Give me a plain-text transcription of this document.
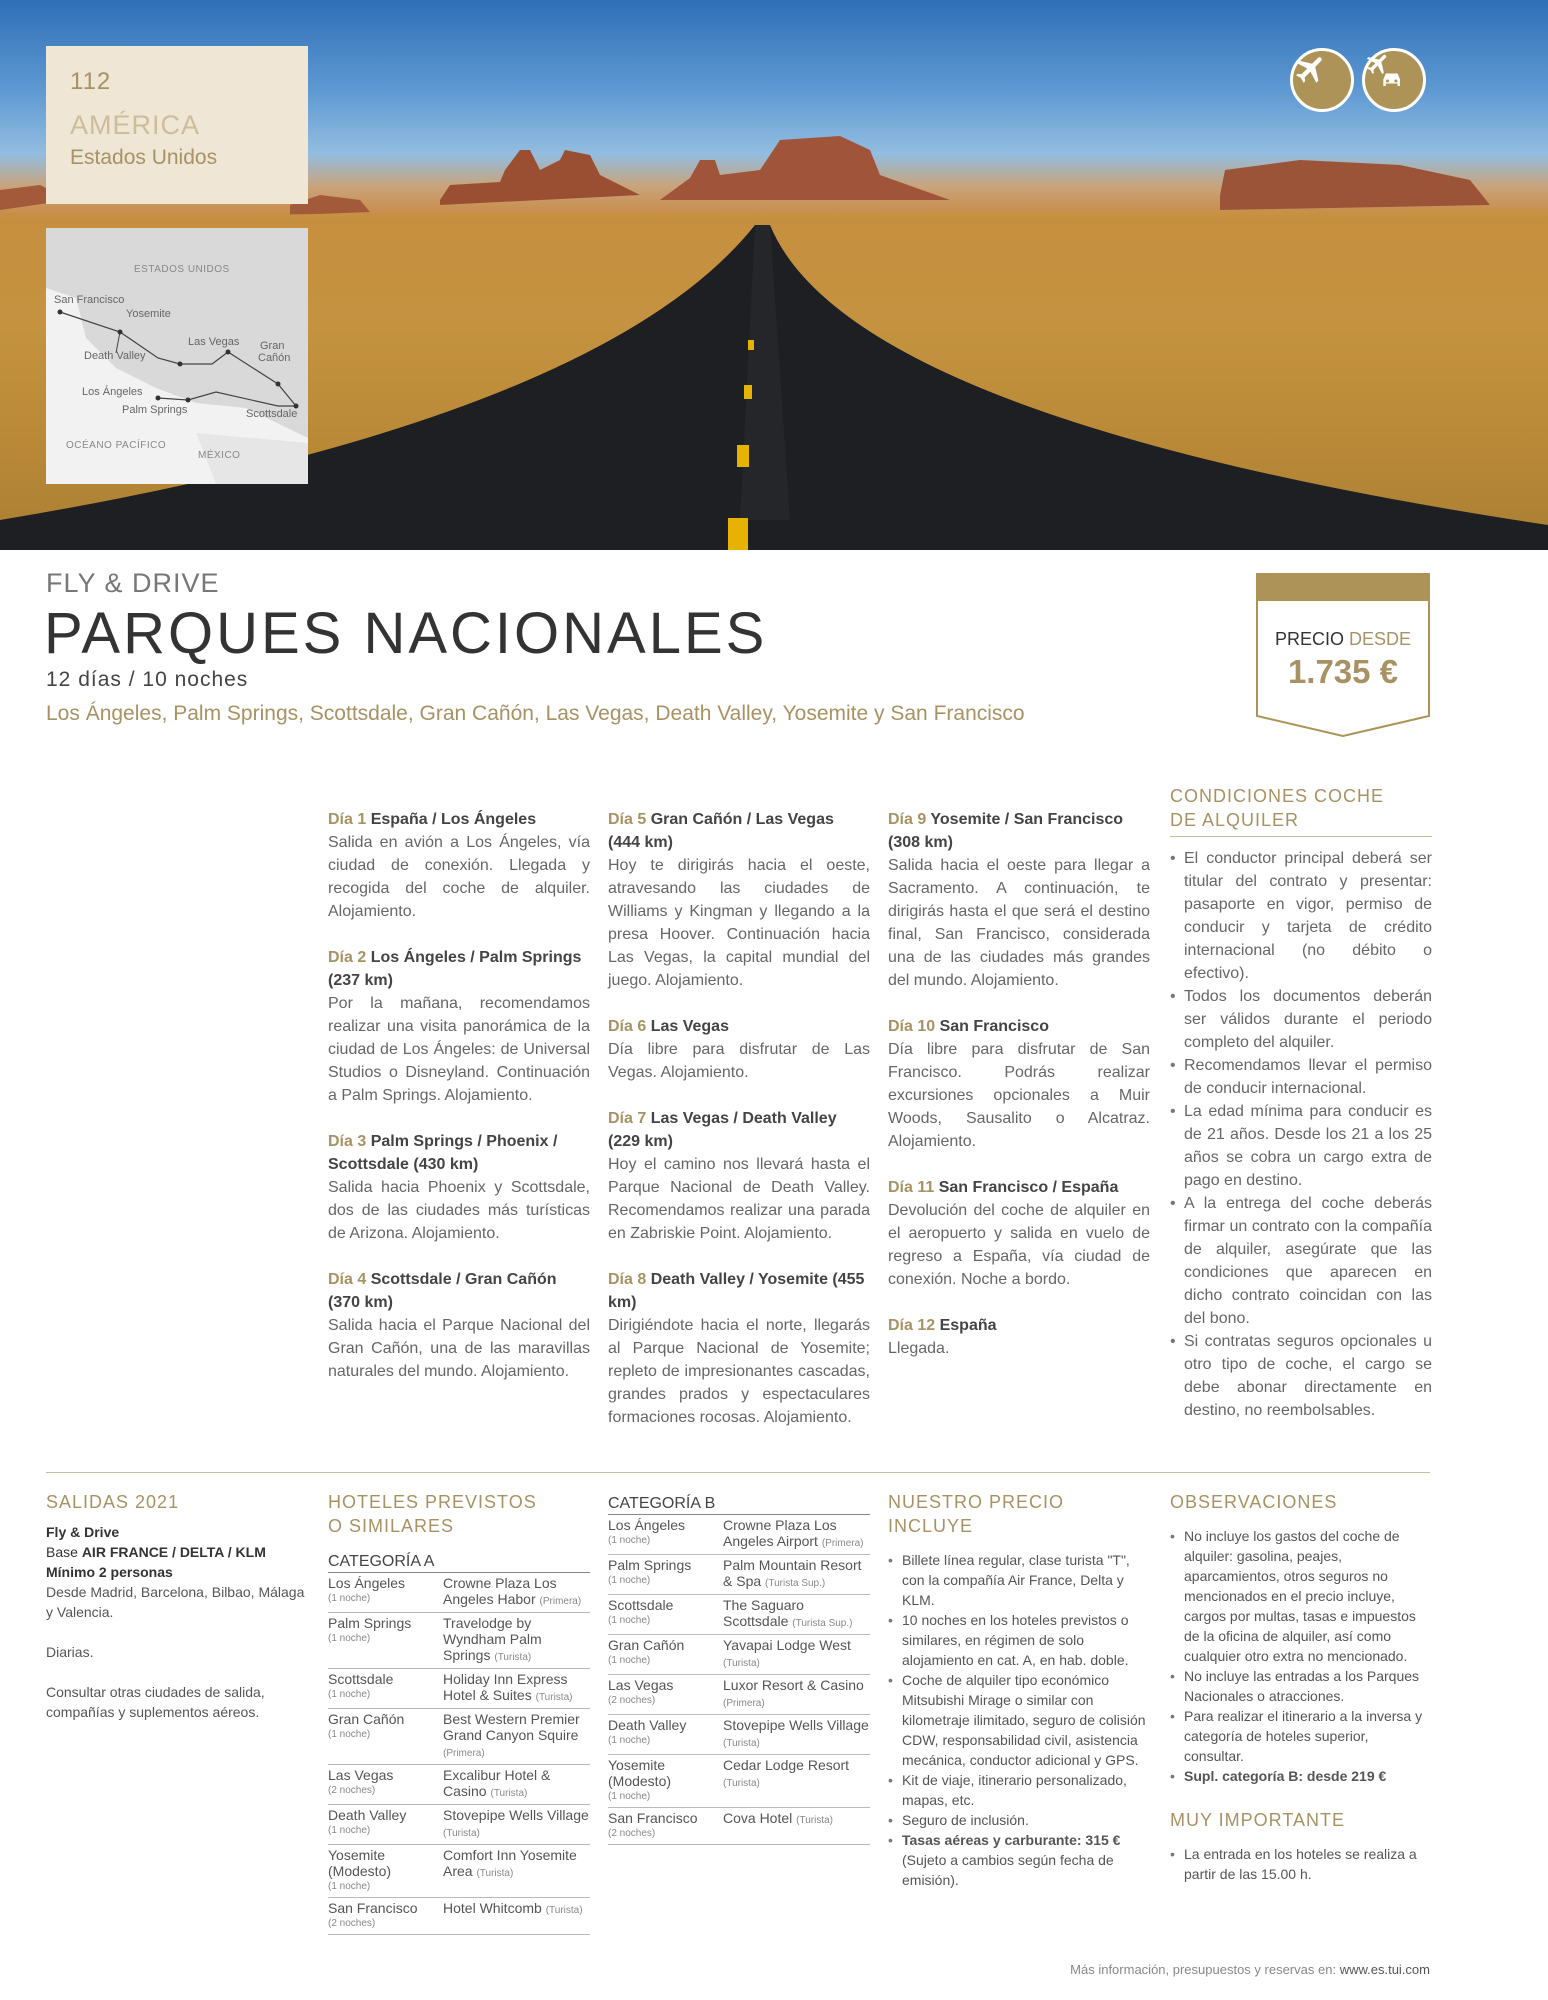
112
AMÉRICA
Estados Unidos
ESTADOS UNIDOS
San Francisco
Yosemite
Death Valley
Las Vegas Gran
Cañón
Los Ángeles
Palm Springs	Scottsdale
OCÉANO PACÍFICO
MÉXICO
FLY & DRIVE
PARQUES NACIONALES
12 días / 10 noches
Los Ángeles, Palm Springs, Scottsdale, Gran Cañón, Las Vegas, Death Valley, Yosemite y San Francisco
PRECIO DESDE
1.735 €
Día 1 España / Los Ángeles
Salida en avión a Los Ángeles, vía ciudad de conexión. Llegada y recogida del coche de alquiler. Alojamiento.
Día 2 Los Ángeles / Palm Springs (237 km)
Por la mañana, recomendamos realizar una visita panorámica de la ciudad de Los Ángeles: de Universal Studios o Disneyland. Continuación a Palm Springs. Alojamiento.
Día 3 Palm Springs / Phoenix / Scottsdale (430 km)
Salida hacia Phoenix y Scottsdale, dos de las ciudades más turísticas de Arizona. Alojamiento.
Día 4 Scottsdale / Gran Cañón (370 km)
Salida hacia el Parque Nacional del Gran Cañón, una de las maravillas naturales del mundo. Alojamiento.
Día 5 Gran Cañón / Las Vegas (444 km)
Hoy te dirigirás hacia el oeste, atravesando las ciudades de Williams y Kingman y llegando a la presa Hoover. Continuación hacia Las Vegas, la capital mundial del juego. Alojamiento.
Día 6 Las Vegas
Día libre para disfrutar de Las Vegas. Alojamiento.
Día 7 Las Vegas / Death Valley (229 km)
Hoy el camino nos llevará hasta el Parque Nacional de Death Valley. Recomendamos realizar una parada en Zabriskie Point. Alojamiento.
Día 8 Death Valley / Yosemite (455 km)
Dirigiéndote hacia el norte, llegarás al Parque Nacional de Yosemite; repleto de impresionantes cascadas, grandes prados y espectaculares formaciones rocosas. Alojamiento.
Día 9 Yosemite / San Francisco (308 km)
Salida hacia el oeste para llegar a Sacramento. A continuación, te dirigirás hasta el que será el destino final, San Francisco, considerada una de las ciudades más grandes del mundo. Alojamiento.
Día 10 San Francisco
Día libre para disfrutar de San Francisco. Podrás realizar excursiones opcionales a Muir Woods, Sausalito o Alcatraz. Alojamiento.
Día 11 San Francisco / España
Devolución del coche de alquiler en el aeropuerto y salida en vuelo de regreso a España, vía ciudad de conexión. Noche a bordo.
Día 12 España
Llegada.
CONDICIONES COCHE
DE ALQUILER
• El conductor principal deberá ser titular del contrato y presentar: pasaporte en vigor, permiso de conducir y tarjeta de crédito internacional (no débito o efectivo).
• Todos los documentos deberán ser válidos durante el periodo completo del alquiler.
• Recomendamos llevar el permiso de conducir internacional.
• La edad mínima para conducir es de 21 años. Desde los 21 a los 25 años se cobra un cargo extra de pago en destino.
• A la entrega del coche deberás firmar un contrato con la compañía de alquiler, asegúrate que las condiciones que aparecen en dicho contrato coincidan con las del bono.
• Si contratas seguros opcionales u otro tipo de coche, el cargo se debe abonar directamente en destino, no reembolsables.
SALIDAS 2021
Fly & Drive
Base AIR FRANCE / DELTA / KLM
Mínimo 2 personas
Desde Madrid, Barcelona, Bilbao, Málaga y Valencia.
Diarias.
Consultar otras ciudades de salida, compañías y suplementos aéreos.
HOTELES PREVISTOS O SIMILARES
CATEGORÍA A
Los Ángeles
(1 noche)	Crowne Plaza Los Angeles Habor (Primera)

Palm Springs
(1 noche)	Travelodge by Wyndham Palm Springs (Turista)

Scottsdale
(1 noche)	Holiday Inn Express Hotel & Suites (Turista)

Gran Cañón
(1 noche)	Best Western Premier Grand Canyon Squire (Primera)

Las Vegas
(2 noches)	Excalibur Hotel & Casino (Turista)

Death Valley
(1 noche)	Stovepipe Wells Village (Turista)

Yosemite (Modesto)
(1 noche)	Comfort Inn Yosemite Area (Turista)

San Francisco
(2 noches)	Hotel Whitcomb (Turista)
CATEGORÍA B
Los Ángeles
(1 noche)	Crowne Plaza Los Angeles Airport (Primera)

Palm Springs
(1 noche)	Palm Mountain Resort & Spa (Turista Sup.)

Scottsdale
(1 noche)	The Saguaro Scottsdale (Turista Sup.)

Gran Cañón
(1 noche)	Yavapai Lodge West (Turista)

Las Vegas
(2 noches)	Luxor Resort & Casino (Primera)

Death Valley
(1 noche)	Stovepipe Wells Village (Turista)

Yosemite (Modesto)
(1 noche)	Cedar Lodge Resort (Turista)

San Francisco
(2 noches)	Cova Hotel (Turista)
NUESTRO PRECIO INCLUYE
• Billete línea regular, clase turista "T", con la compañía Air France, Delta y KLM.
• 10 noches en los hoteles previstos o similares, en régimen de solo alojamiento en cat. A, en hab. doble.
• Coche de alquiler tipo económico Mitsubishi Mirage o similar con kilometraje ilimitado, seguro de colisión CDW, responsabilidad civil, asistencia mecánica, conductor adicional y GPS.
• Kit de viaje, itinerario personalizado, mapas, etc.
• Seguro de inclusión.
• Tasas aéreas y carburante: 315 €
(Sujeto a cambios según fecha de emisión).
OBSERVACIONES
• No incluye los gastos del coche de alquiler: gasolina, peajes, aparcamientos, otros seguros no mencionados en el precio incluye, cargos por multas, tasas e impuestos de la oficina de alquiler, así como cualquier otro extra no mencionado.
• No incluye las entradas a los Parques Nacionales o atracciones.
• Para realizar el itinerario a la inversa y categoría de hoteles superior, consultar.
• Supl. categoría B: desde 219 €
MUY IMPORTANTE
• La entrada en los hoteles se realiza a partir de las 15.00 h.
Más información, presupuestos y reservas en: www.es.tui.com
